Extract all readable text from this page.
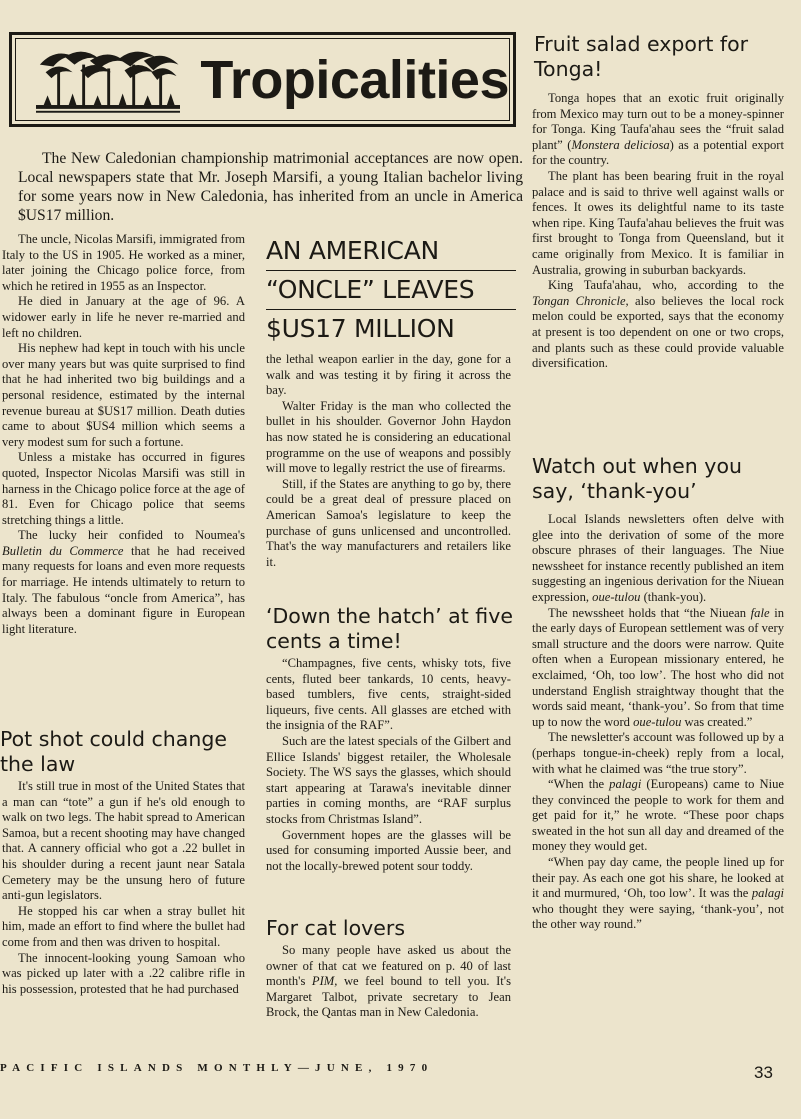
Tropicalities
The New Caledonian championship matrimonial acceptances are now open. Local newspapers state that Mr. Joseph Marsifi, a young Italian bachelor living for some years now in New Caledonia, has inherited from an uncle in America $US17 million.

The uncle, Nicolas Marsifi, immigrated from Italy to the US in 1905. He worked as a miner, later joining the Chicago police force, from which he retired in 1955 as an Inspector.

He died in January at the age of 96. A widower early in life he never re-married and left no children.

His nephew had kept in touch with his uncle over many years but was quite surprised to find that he had inherited two big buildings and a personal residence, estimated by the internal revenue bureau at $US17 million. Death duties came to about $US4 million which seems a very modest sum for such a fortune.

Unless a mistake has occurred in figures quoted, Inspector Nicolas Marsifi was still in harness in the Chicago police force at the age of 81. Even for Chicago police that seems stretching things a little.

The lucky heir confided to Noumea's Bulletin du Commerce that he had received many requests for loans and even more requests for marriage. He intends ultimately to return to Italy. The fabulous “oncle from America”, has always been a dominant figure in European light literature.

AN AMERICAN
“ONCLE” LEAVES
$US17 MILLION
Pot shot could change the law

It's still true in most of the United States that a man can “tote” a gun if he's old enough to walk on two legs. The habit spread to American Samoa, but a recent shooting may have changed that. A cannery official who got a .22 bullet in his shoulder during a recent jaunt near Satala Cemetery may be the unsung hero of future anti-gun legislators.

He stopped his car when a stray bullet hit him, made an effort to find where the bullet had come from and then was driven to hospital.

The innocent-looking young Samoan who was picked up later with a .22 calibre rifle in his possession, protested that he had purchased

the lethal weapon earlier in the day, gone for a walk and was testing it by firing it across the bay.

Walter Friday is the man who collected the bullet in his shoulder. Governor John Haydon has now stated he is considering an educational programme on the use of weapons and possibly will move to legally restrict the use of firearms.

Still, if the States are anything to go by, there could be a great deal of pressure placed on American Samoa's legislature to keep the purchase of guns unlicensed and uncontrolled. That's the way manufacturers and retailers like it.

‘Down the hatch’ at five cents a time!

“Champagnes, five cents, whisky tots, five cents, fluted beer tankards, 10 cents, heavy-based tumblers, five cents, straight-sided liqueurs, five cents. All glasses are etched with the insignia of the RAF”.

Such are the latest specials of the Gilbert and Ellice Islands' biggest retailer, the Wholesale Society. The WS says the glasses, which should start appearing at Tarawa's inevitable dinner parties in coming months, are “RAF surplus stocks from Christmas Island”.

Government hopes are the glasses will be used for consuming imported Aussie beer, and not the locally-brewed potent sour toddy.

For cat lovers

So many people have asked us about the owner of that cat we featured on p. 40 of last month's PIM, we feel bound to tell you. It's Margaret Talbot, private secretary to Jean Brock, the Qantas man in New Caledonia.

Fruit salad export for Tonga!

Tonga hopes that an exotic fruit originally from Mexico may turn out to be a money-spinner for Tonga. King Taufa'ahau sees the “fruit salad plant” (Monstera deliciosa) as a potential export for the country.

The plant has been bearing fruit in the royal palace and is said to thrive well against walls or fences. It owes its delightful name to its taste when ripe. King Taufa'ahau believes the fruit was first brought to Tonga from Queensland, but it came originally from Mexico. It is familiar in Australia, growing in suburban backyards.

King Taufa'ahau, who, according to the Tongan Chronicle, also believes the local rock melon could be exported, says that the economy at present is too dependent on one or two crops, and plants such as these could provide valuable diversification.

Watch out when you say, ‘thank-you’

Local Islands newsletters often delve with glee into the derivation of some of the more obscure phrases of their languages. The Niue newssheet for instance recently published an item suggesting an ingenious derivation for the Niuean expression, oue-tulou (thank-you).

The newssheet holds that “the Niuean fale in the early days of European settlement was of very small structure and the doors were narrow. Quite often when a European missionary entered, he exclaimed, ‘Oh, too low’. The host who did not understand English straightway thought that the words said meant, ‘thank-you’. So from that time up to now the word oue-tulou was created.”

The newsletter's account was followed up by a (perhaps tongue-in-cheek) reply from a local, with what he claimed was “the true story”.

“When the palagi (Europeans) came to Niue they convinced the people to work for them and get paid for it,” he wrote. “These poor chaps sweated in the hot sun all day and dreamed of the money they would get.

“When pay day came, the people lined up for their pay. As each one got his share, he looked at it and murmured, ‘Oh, too low’. It was the palagi who thought they were saying, ‘thank-you’, not the other way round.”

PACIFIC ISLANDS MONTHLY—JUNE, 1970	33
